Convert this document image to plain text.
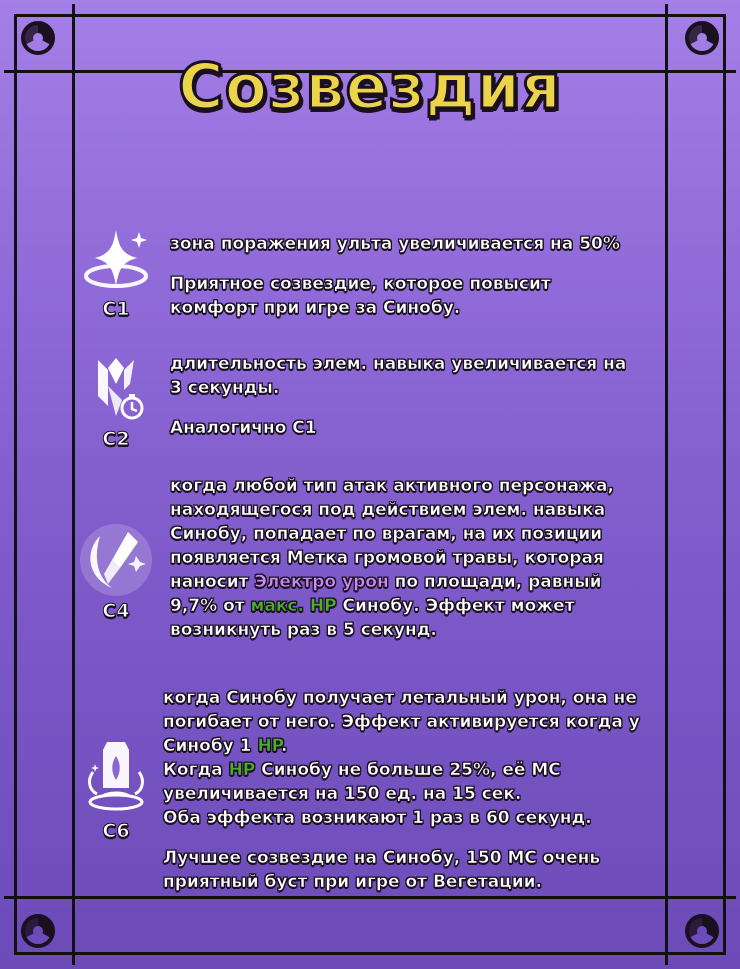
Созвездия
C1

зона поражения ульта увеличивается на 50%

Приятное созвездие, которое повысит

комфорт при игре за Синобу.

C2

длительность элем. навыка увеличивается на

3 секунды.

Аналогично C1

C4

когда любой тип атак активного персонажа,

находящегося под действием элем. навыка

Синобу, попадает по врагам, на их позиции

появляется Метка громовой травы, которая

наносит Электро урон по площади, равный

9,7% от макс. HP Синобу. Эффект может

возникнуть раз в 5 секунд.

C6

когда Синобу получает летальный урон, она не

погибает от него. Эффект активируется когда у

Синобу 1 HP.

Когда HP Синобу не больше 25%, её МС

увеличивается на 150 ед. на 15 сек.

Оба эффекта возникают 1 раз в 60 секунд.

Лучшее созвездие на Синобу, 150 МС очень

приятный буст при игре от Вегетации.
